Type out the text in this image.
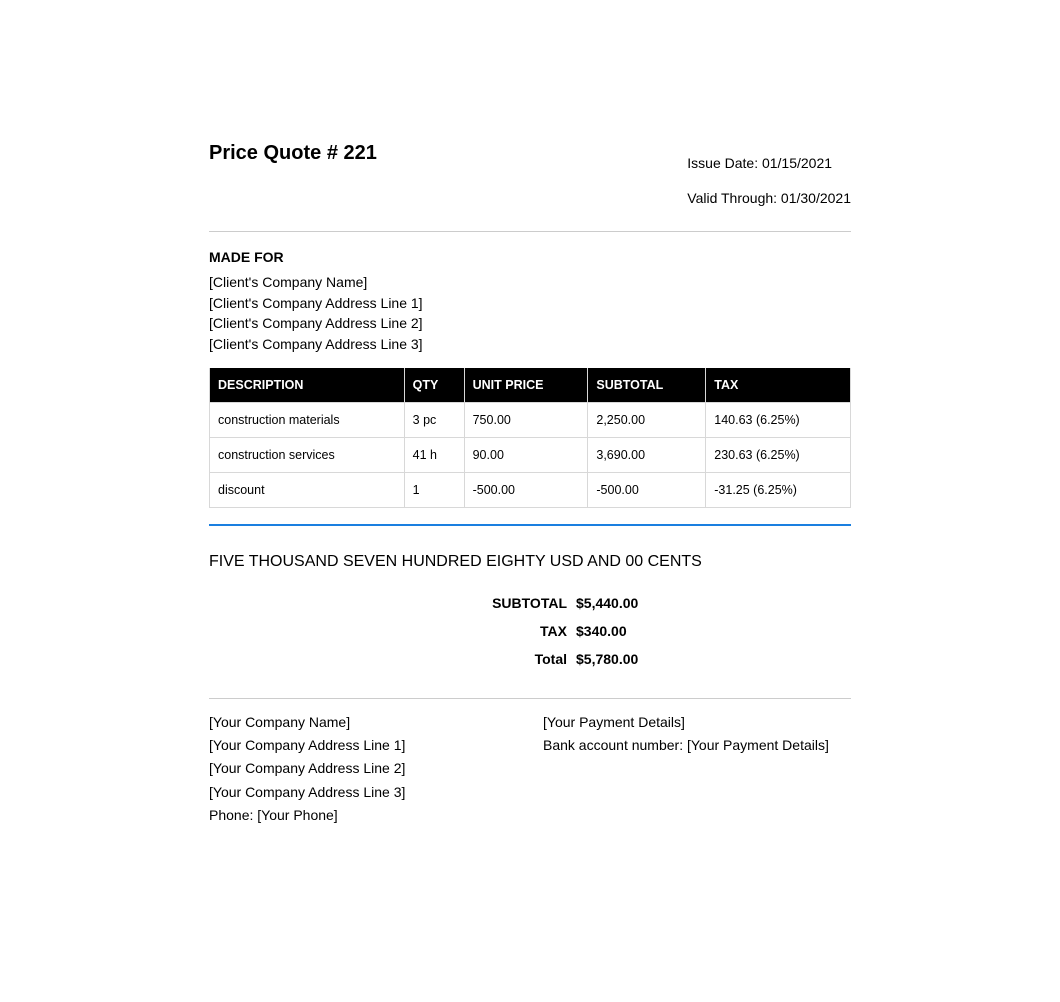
Price Quote # 221	Issue Date: 01/15/2021
Valid Through: 01/30/2021
MADE FOR
[Client's Company Name]
[Client's Company Address Line 1]
[Client's Company Address Line 2]
[Client's Company Address Line 3]
DESCRIPTION	QTY	UNIT PRICE	SUBTOTAL	TAX
construction materials	3 pc	750.00	2,250.00	140.63 (6.25%)
construction services	41 h	90.00	3,690.00	230.63 (6.25%)
discount	1	-500.00	-500.00	-31.25 (6.25%)
FIVE THOUSAND SEVEN HUNDRED EIGHTY USD AND 00 CENTS
SUBTOTAL $5,440.00
TAX $340.00
Total $5,780.00
[Your Company Name]
[Your Company Address Line 1]
[Your Company Address Line 2]
[Your Company Address Line 3]
Phone: [Your Phone]
[Your Payment Details]
Bank account number: [Your Payment Details]
